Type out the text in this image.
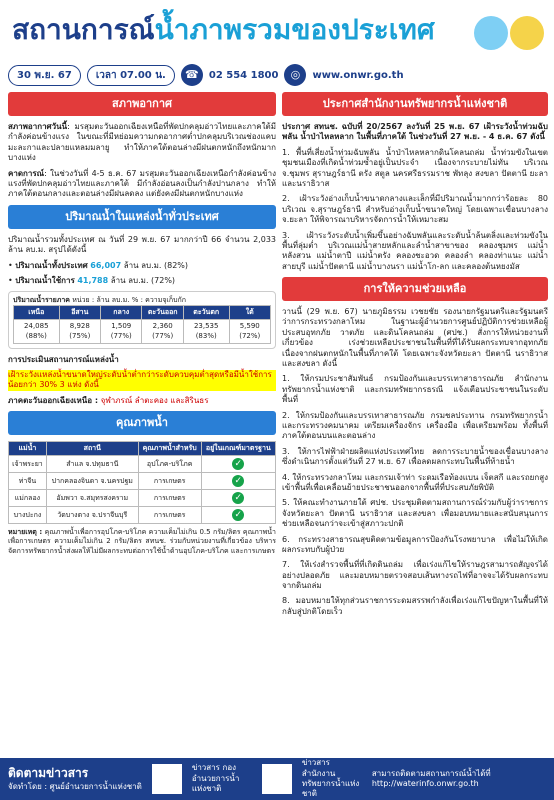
สถานการณ์น้ำภาพรวมของประเทศ
30 พ.ย. 67	เวลา 07.00 น.	☎	02 554 1800	◎	www.onwr.go.th
สภาพอากาศ

สภาพอากาศวันนี้: มรสุมตะวันออกเฉียงเหนือที่พัดปกคลุมอ่าวไทยและภาคใต้มีกำลังค่อนข้างแรง ในขณะที่มีหย่อมความกดอากาศต่ำปกคลุมบริเวณช่องแคบมะละกาและปลายแหลมมลายู ทำให้ภาคใต้ตอนล่างมีฝนตกหนักถึงหนักมากบางแห่ง

คาดการณ์: ในช่วงวันที่ 4-5 ธ.ค. 67 มรสุมตะวันออกเฉียงเหนือกำลังค่อนข้างแรงที่พัดปกคลุมอ่าวไทยและภาคใต้ มีกำลังอ่อนลงเป็นกำลังปานกลาง ทำให้ภาคใต้ตอนกลางและตอนล่างมีฝนลดลง แต่ยังคงมีฝนตกหนักบางแห่ง

ปริมาณน้ำในแหล่งน้ำทั่วประเทศ

ปริมาณน้ำรวมทั้งประเทศ ณ วันที่ 29 พ.ย. 67 มากกว่าปี 66 จำนวน 2,033 ล้าน ลบ.ม. สรุปได้ดังนี้

• ปริมาณน้ำทั้งประเทศ 66,007 ล้าน ลบ.ม. (82%)

• ปริมาณน้ำใช้การ 41,788 ล้าน ลบ.ม. (72%)

ปริมาณน้ำรายภาค หน่วย : ล้าน ลบ.ม. % : ความจุเก็บกัก
เหนือ	อีสาน	กลาง	ตะวันออก	ตะวันตก	ใต้
24,085 (88%)	8,928 (75%)	1,509 (77%)	2,360 (77%)	23,535 (83%)	5,590 (72%)

การประเมินสถานการณ์แหล่งน้ำ

เฝ้าระวังแหล่งน้ำขนาดใหญ่ระดับน้ำต่ำกว่าระดับควบคุมต่ำสุดหรือมีน้ำใช้การน้อยกว่า 30% 3 แห่ง ดังนี้

ภาคตะวันออกเฉียงเหนือ : จุฬาภรณ์ ลำตะคอง และสิรินธร

คุณภาพน้ำ
แม่น้ำ	สถานี	คุณภาพน้ำสำหรับ	อยู่ในเกณฑ์มาตรฐาน
เจ้าพระยา	สำแล จ.ปทุมธานี	อุปโภค-บริโภค	✓
ท่าจีน	ปากคลองจินดา จ.นครปฐม	การเกษตร	✓
แม่กลอง	อัมพวา จ.สมุทรสงคราม	การเกษตร	✓
บางปะกง	วัดบางตาง จ.ปราจีนบุรี	การเกษตร	✓

หมายเหตุ : คุณภาพน้ำเพื่อการอุปโภค-บริโภค ความเค็มไม่เกิน 0.5 กรัม/ลิตร คุณภาพน้ำเพื่อการเกษตร ความเค็มไม่เกิน 2 กรัม/ลิตร สทนช. ร่วมกับหน่วยงานที่เกี่ยวข้อง บริหารจัดการทรัพยากรน้ำส่งผลให้ไม่มีผลกระทบต่อการใช้น้ำด้านอุปโภค-บริโภค และการเกษตร

ประกาศสำนักงานทรัพยากรน้ำแห่งชาติ

ประกาศ สทนช. ฉบับที่ 20/2567 ลงวันที่ 25 พ.ย. 67 เฝ้าระวังน้ำท่วมฉับพลัน น้ำป่าไหลหลาก ในพื้นที่ภาคใต้ ในช่วงวันที่ 27 พ.ย. - 4 ธ.ค. 67 ดังนี้

1. พื้นที่เสี่ยงน้ำท่วมฉับพลัน น้ำป่าไหลหลากดินโคลนถล่ม น้ำท่วมขังในเขตชุมชนเมืองที่เกิดน้ำท่วมซ้ำอยู่เป็นประจำ เนื่องจากระบายไม่ทัน บริเวณ จ.ชุมพร สุราษฎร์ธานี ตรัง สตูล นครศรีธรรมราช พัทลุง สงขลา ปัตตานี ยะลา และนราธิวาส

2. เฝ้าระวังอ่างเก็บน้ำขนาดกลางและเล็กที่มีปริมาณน้ำมากกว่าร้อยละ 80 บริเวณ จ.สุราษฎร์ธานี สำหรับอ่างเก็บน้ำขนาดใหญ่ โดยเฉพาะเขื่อนบางลาง จ.ยะลา ให้พิจารณาบริหารจัดการน้ำให้เหมาะสม

3. เฝ้าระวังระดับน้ำเพิ่มขึ้นอย่างฉับพลันและระดับน้ำล้นตลิ่งและท่วมขังในพื้นที่ลุ่มต่ำ บริเวณแม่น้ำสายหลักและลำน้ำสาขาของ คลองชุมพร แม่น้ำหลังสวน แม่น้ำตาปี แม่น้ำตรัง คลองชะอวด คลองลำ คลองท่าแนะ แม่น้ำสายบุรี แม่น้ำปัตตานี แม่น้ำบางนรา แม่น้ำโก-ลก และคลองต้นหยงมัส

การให้ความช่วยเหลือ

วานนี้ (29 พ.ย. 67) นายภูมิธรรม เวชยชัย รองนายกรัฐมนตรีและรัฐมนตรีว่าการกระทรวงกลาโหม ในฐานะผู้อำนวยการศูนย์ปฏิบัติการช่วยเหลือผู้ประสบอุทกภัย วาตภัย และดินโคลนถล่ม (ศปช.) สั่งการให้หน่วยงานที่เกี่ยวข้อง เร่งช่วยเหลือประชาชนในพื้นที่ที่ได้รับผลกระทบจากอุทกภัย เนื่องจากฝนตกหนักในพื้นที่ภาคใต้ โดยเฉพาะจังหวัดยะลา ปัตตานี นราธิวาส และสงขลา ดังนี้

1. ให้กรมประชาสัมพันธ์ กรมป้องกันและบรรเทาสาธารณภัย สำนักงานทรัพยากรน้ำแห่งชาติ และกรมทรัพยากรธรณี แจ้งเตือนประชาชนในระดับพื้นที่

2. ให้กรมป้องกันและบรรเทาสาธารณภัย กรมชลประทาน กรมทรัพยากรน้ำ และกระทรวงคมนาคม เตรียมเครื่องจักร เครื่องมือ เพื่อเตรียมพร้อม ทั้งพื้นที่ภาคใต้ตอนบนและตอนล่าง

3. ให้การไฟฟ้าฝ่ายผลิตแห่งประเทศไทย ลดการระบายน้ำของเขื่อนบางลาง ซึ่งดำเนินการตั้งแต่วันที่ 27 พ.ย. 67 เพื่อลดผลกระทบในพื้นที่ท้ายน้ำ

4. ให้กระทรวงกลาโหม และกรมเจ้าท่า ระดมเรือท้องแบน เจ็ตสกี และรถยกสูง เข้าพื้นที่เพื่อเคลื่อนย้ายประชาชนออกจากพื้นที่ที่ประสบภัยพิบัติ

5. ให้คณะทำงานภายใต้ ศปช. ประชุมติดตามสถานการณ์ร่วมกับผู้ว่าราชการจังหวัดยะลา ปัตตานี นราธิวาส และสงขลา เพื่อมอบหมายและสนับสนุนการช่วยเหลือจนกว่าจะเข้าสู่สภาวะปกติ

6. กระทรวงสาธารณสุขติดตามข้อมูลการป้องกันโรงพยาบาล เพื่อไม่ให้เกิดผลกระทบกับผู้ป่วย

7. ให้เร่งสำรวจพื้นที่ที่เกิดดินถล่ม เพื่อเร่งแก้ไขให้ราษฎรสามารถสัญจรได้อย่างปลอดภัย และมอบหมายตรวจสอบเส้นทางรถไฟที่อาจจะได้รับผลกระทบจากดินถล่ม

8. มอบหมายให้ทุกส่วนราชการระดมสรรพกำลังเพื่อเร่งแก้ไขปัญหาในพื้นที่ให้กลับสู่ปกติโดยเร็ว

ติดตามข่าวสาร
จัดทำโดย : ศูนย์อำนวยการน้ำแห่งชาติ
ข่าวสาร กองอำนวยการน้ำแห่งชาติ
ข่าวสาร สำนักงานทรัพยากรน้ำแห่งชาติ
สามารถติดตามสถานการณ์น้ำได้ที่
http://waterinfo.onwr.go.th
